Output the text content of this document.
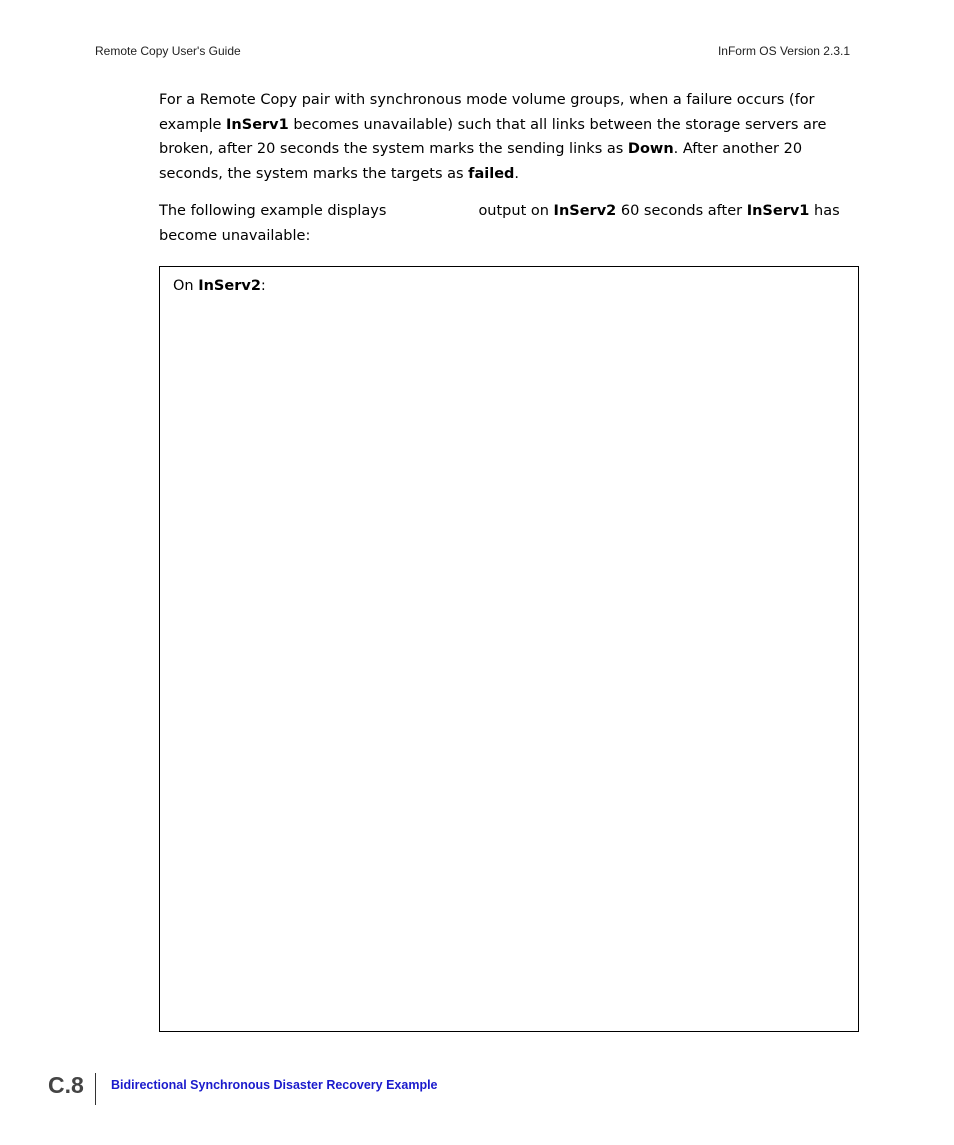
Remote Copy User's Guide	InForm OS Version 2.3.1
For a Remote Copy pair with synchronous mode volume groups, when a failure occurs (for example InServ1 becomes unavailable) such that all links between the storage servers are broken, after 20 seconds the system marks the sending links as Down. After another 20 seconds, the system marks the targets as failed.
The following example displays	output on InServ2 60 seconds after InServ1 has become unavailable:
On InServ2:
C.8 Bidirectional Synchronous Disaster Recovery Example
